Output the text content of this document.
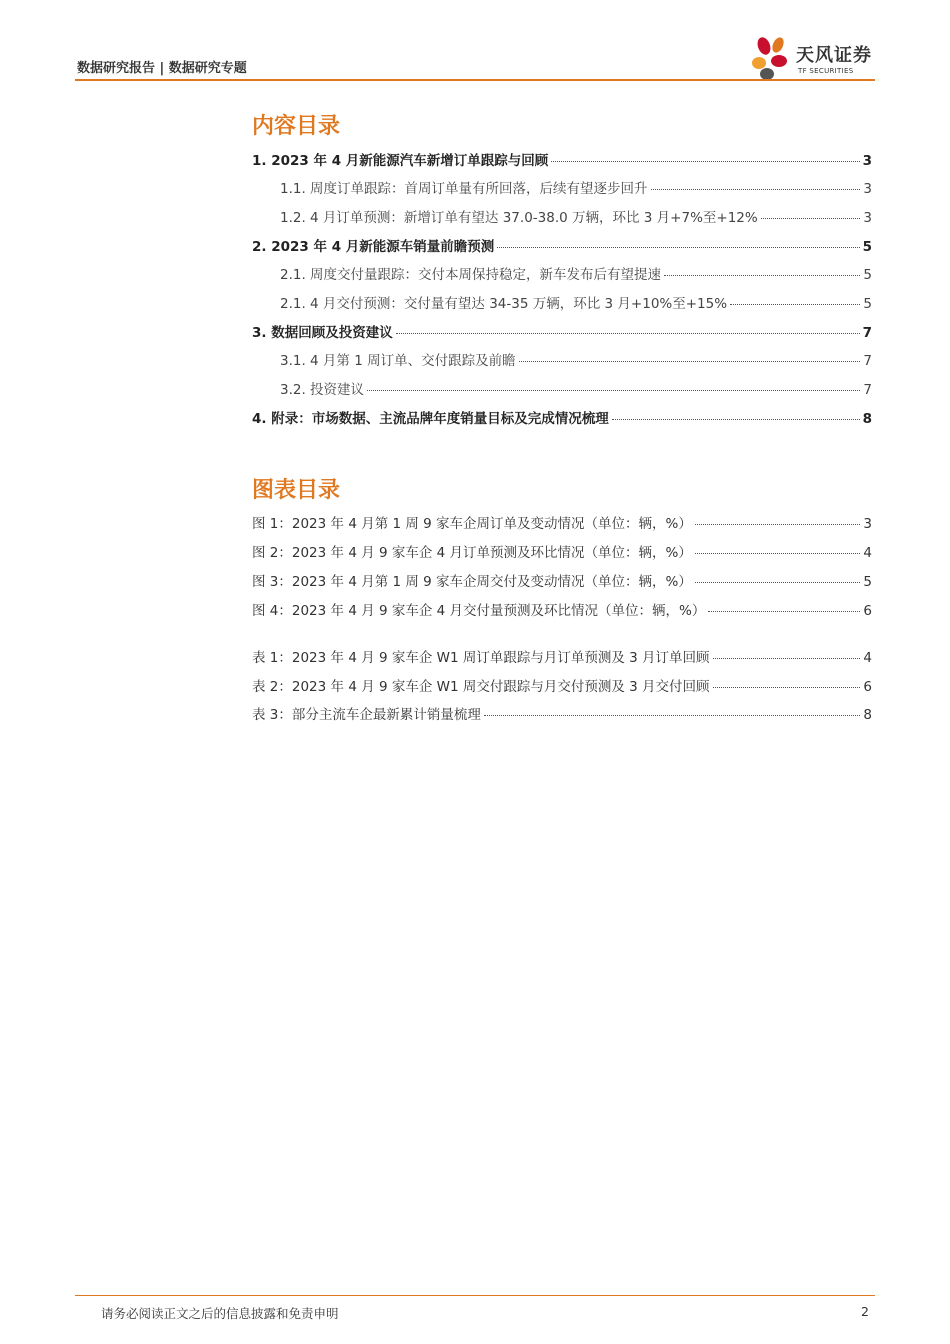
数据研究报告 | 数据研究专题
天风证券
TF SECURITIES
内容目录
1. 2023 年 4 月新能源汽车新增订单跟踪与回顾	3
1.1. 周度订单跟踪：首周订单量有所回落，后续有望逐步回升	3
1.2. 4 月订单预测：新增订单有望达 37.0-38.0 万辆，环比 3 月+7%至+12%	3
2. 2023 年 4 月新能源车销量前瞻预测	5
2.1. 周度交付量跟踪：交付本周保持稳定，新车发布后有望提速	5
2.1. 4 月交付预测：交付量有望达 34-35 万辆，环比 3 月+10%至+15%	5
3. 数据回顾及投资建议	7
3.1. 4 月第 1 周订单、交付跟踪及前瞻	7
3.2. 投资建议	7
4. 附录：市场数据、主流品牌年度销量目标及完成情况梳理	8
图表目录
图 1：2023 年 4 月第 1 周 9 家车企周订单及变动情况（单位：辆，%）	3
图 2：2023 年 4 月 9 家车企 4 月订单预测及环比情况（单位：辆，%）	4
图 3：2023 年 4 月第 1 周 9 家车企周交付及变动情况（单位：辆，%）	5
图 4：2023 年 4 月 9 家车企 4 月交付量预测及环比情况（单位：辆，%）	6
表 1：2023 年 4 月 9 家车企 W1 周订单跟踪与月订单预测及 3 月订单回顾	4
表 2：2023 年 4 月 9 家车企 W1 周交付跟踪与月交付预测及 3 月交付回顾	6
表 3：部分主流车企最新累计销量梳理	8
请务必阅读正文之后的信息披露和免责申明	2
